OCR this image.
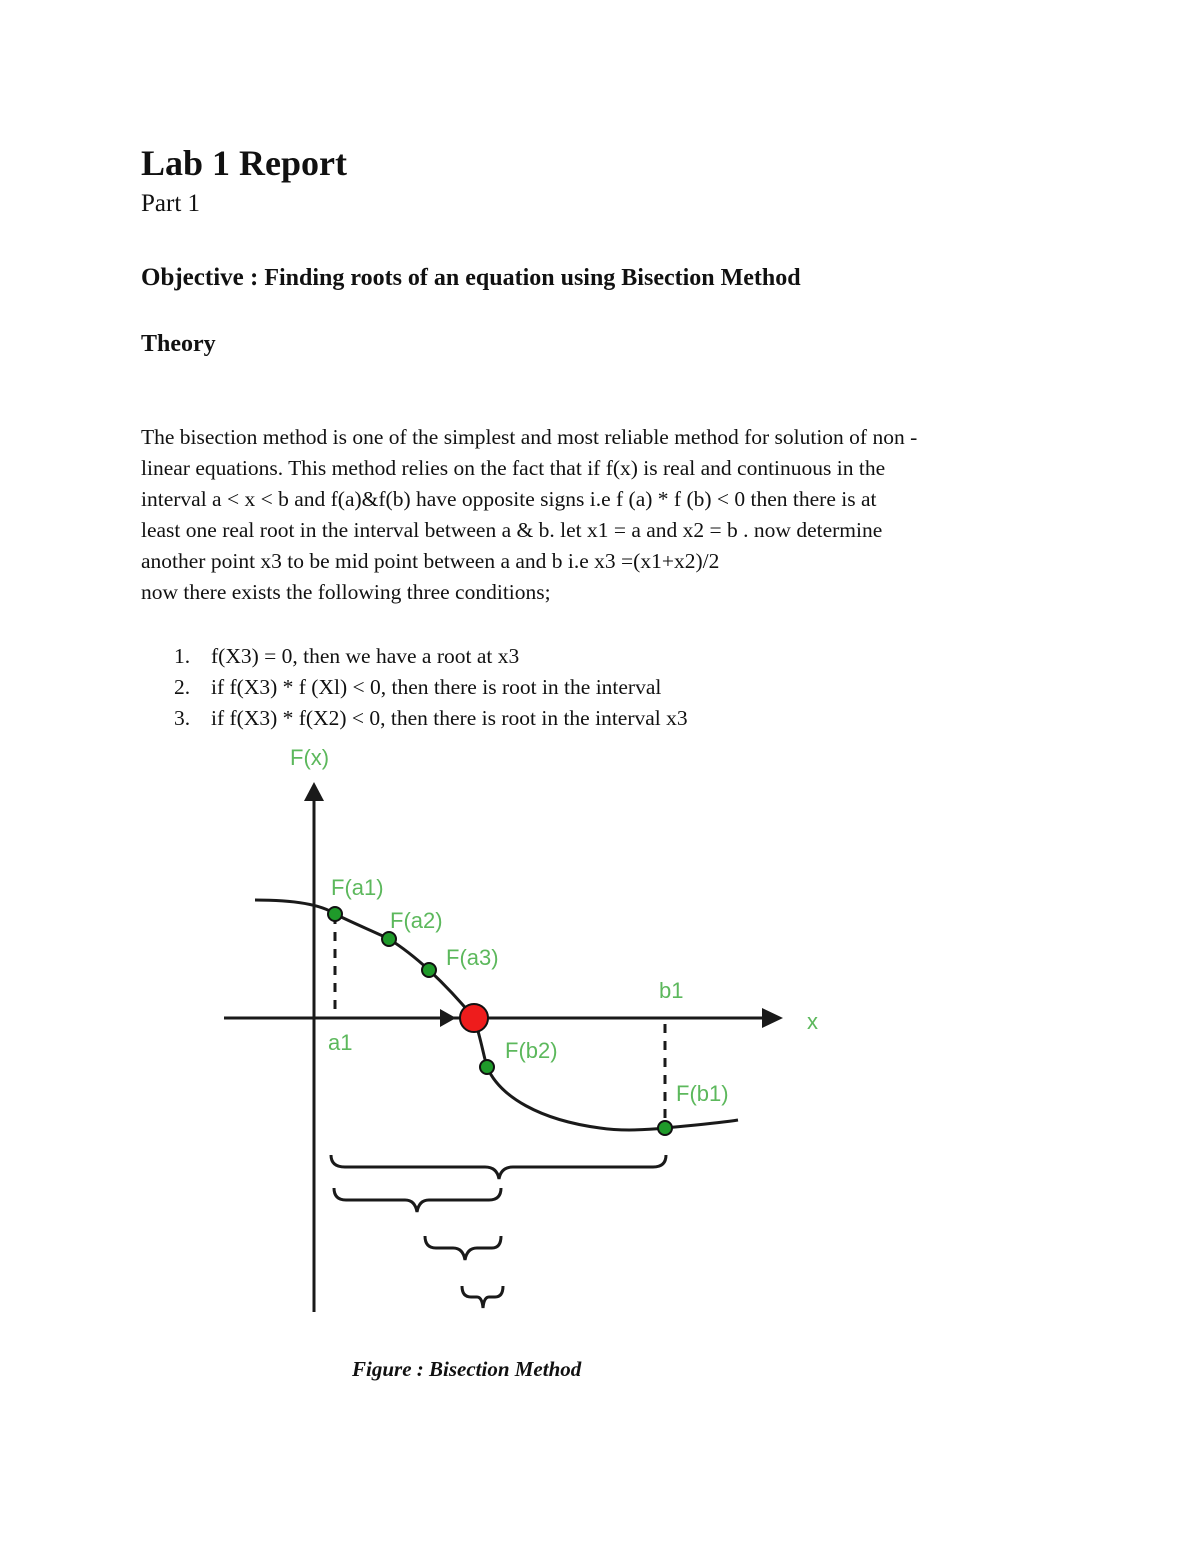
Lab 1 Report

Part 1

Objective : Finding roots of an equation using Bisection Method

Theory

The bisection method is one of the simplest and most reliable method for solution of non -
linear equations. This method relies on the fact that if f(x) is real and continuous in the
interval a < x < b and f(a)&f(b) have opposite signs i.e f (a) * f (b) < 0 then there is at
least one real root in the interval between a & b. let x1 = a and x2 = b . now determine
another point x3 to be mid point between a and b i.e x3 =(x1+x2)/2
now there exists the following three conditions;
1. f(X3) = 0, then we have a root at x3
2. if f(X3) * f (Xl) < 0, then there is root in the interval
3. if f(X3) * f(X2) < 0, then there is root in the interval x3
F(x)
x
F(a1)
F(a2)
F(a3)
F(b2)
F(b1)
a1
b1

Figure : Bisection Method
